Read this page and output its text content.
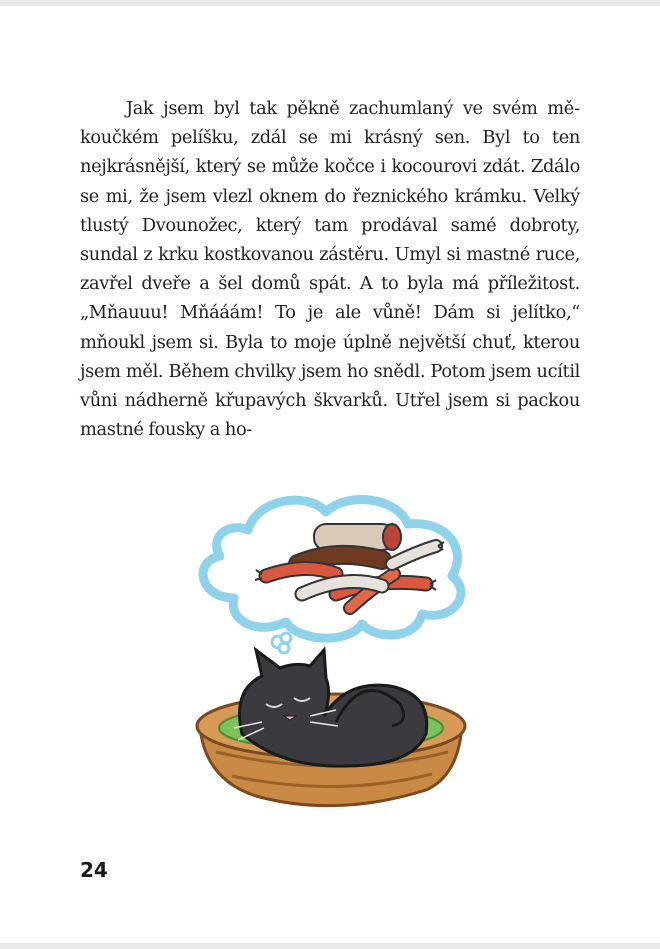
Jak jsem byl tak pěkně zachumlaný ve svém měkoučkém pelíšku, zdál se mi krásný sen. Byl to ten nejkrásnější, který se může kočce i kocourovi zdát. Zdálo se mi, že jsem vlezl oknem do řeznického krámku. Velký tlustý Dvounožec, který tam prodával samé dobroty, sundal z krku kostkovanou zástěru. Umyl si mastné ruce, zavřel dveře a šel domů spát. A to byla má příležitost. „Mňauuu! Mňááám! To je ale vůně! Dám si jelítko,“ mňoukl jsem si. Byla to moje úplně největší chuť, kterou jsem měl. Během chvilky jsem ho snědl. Potom jsem ucítil vůni nádherně křupavých škvarků. Utřel jsem si packou mastné fousky a ho-

24
